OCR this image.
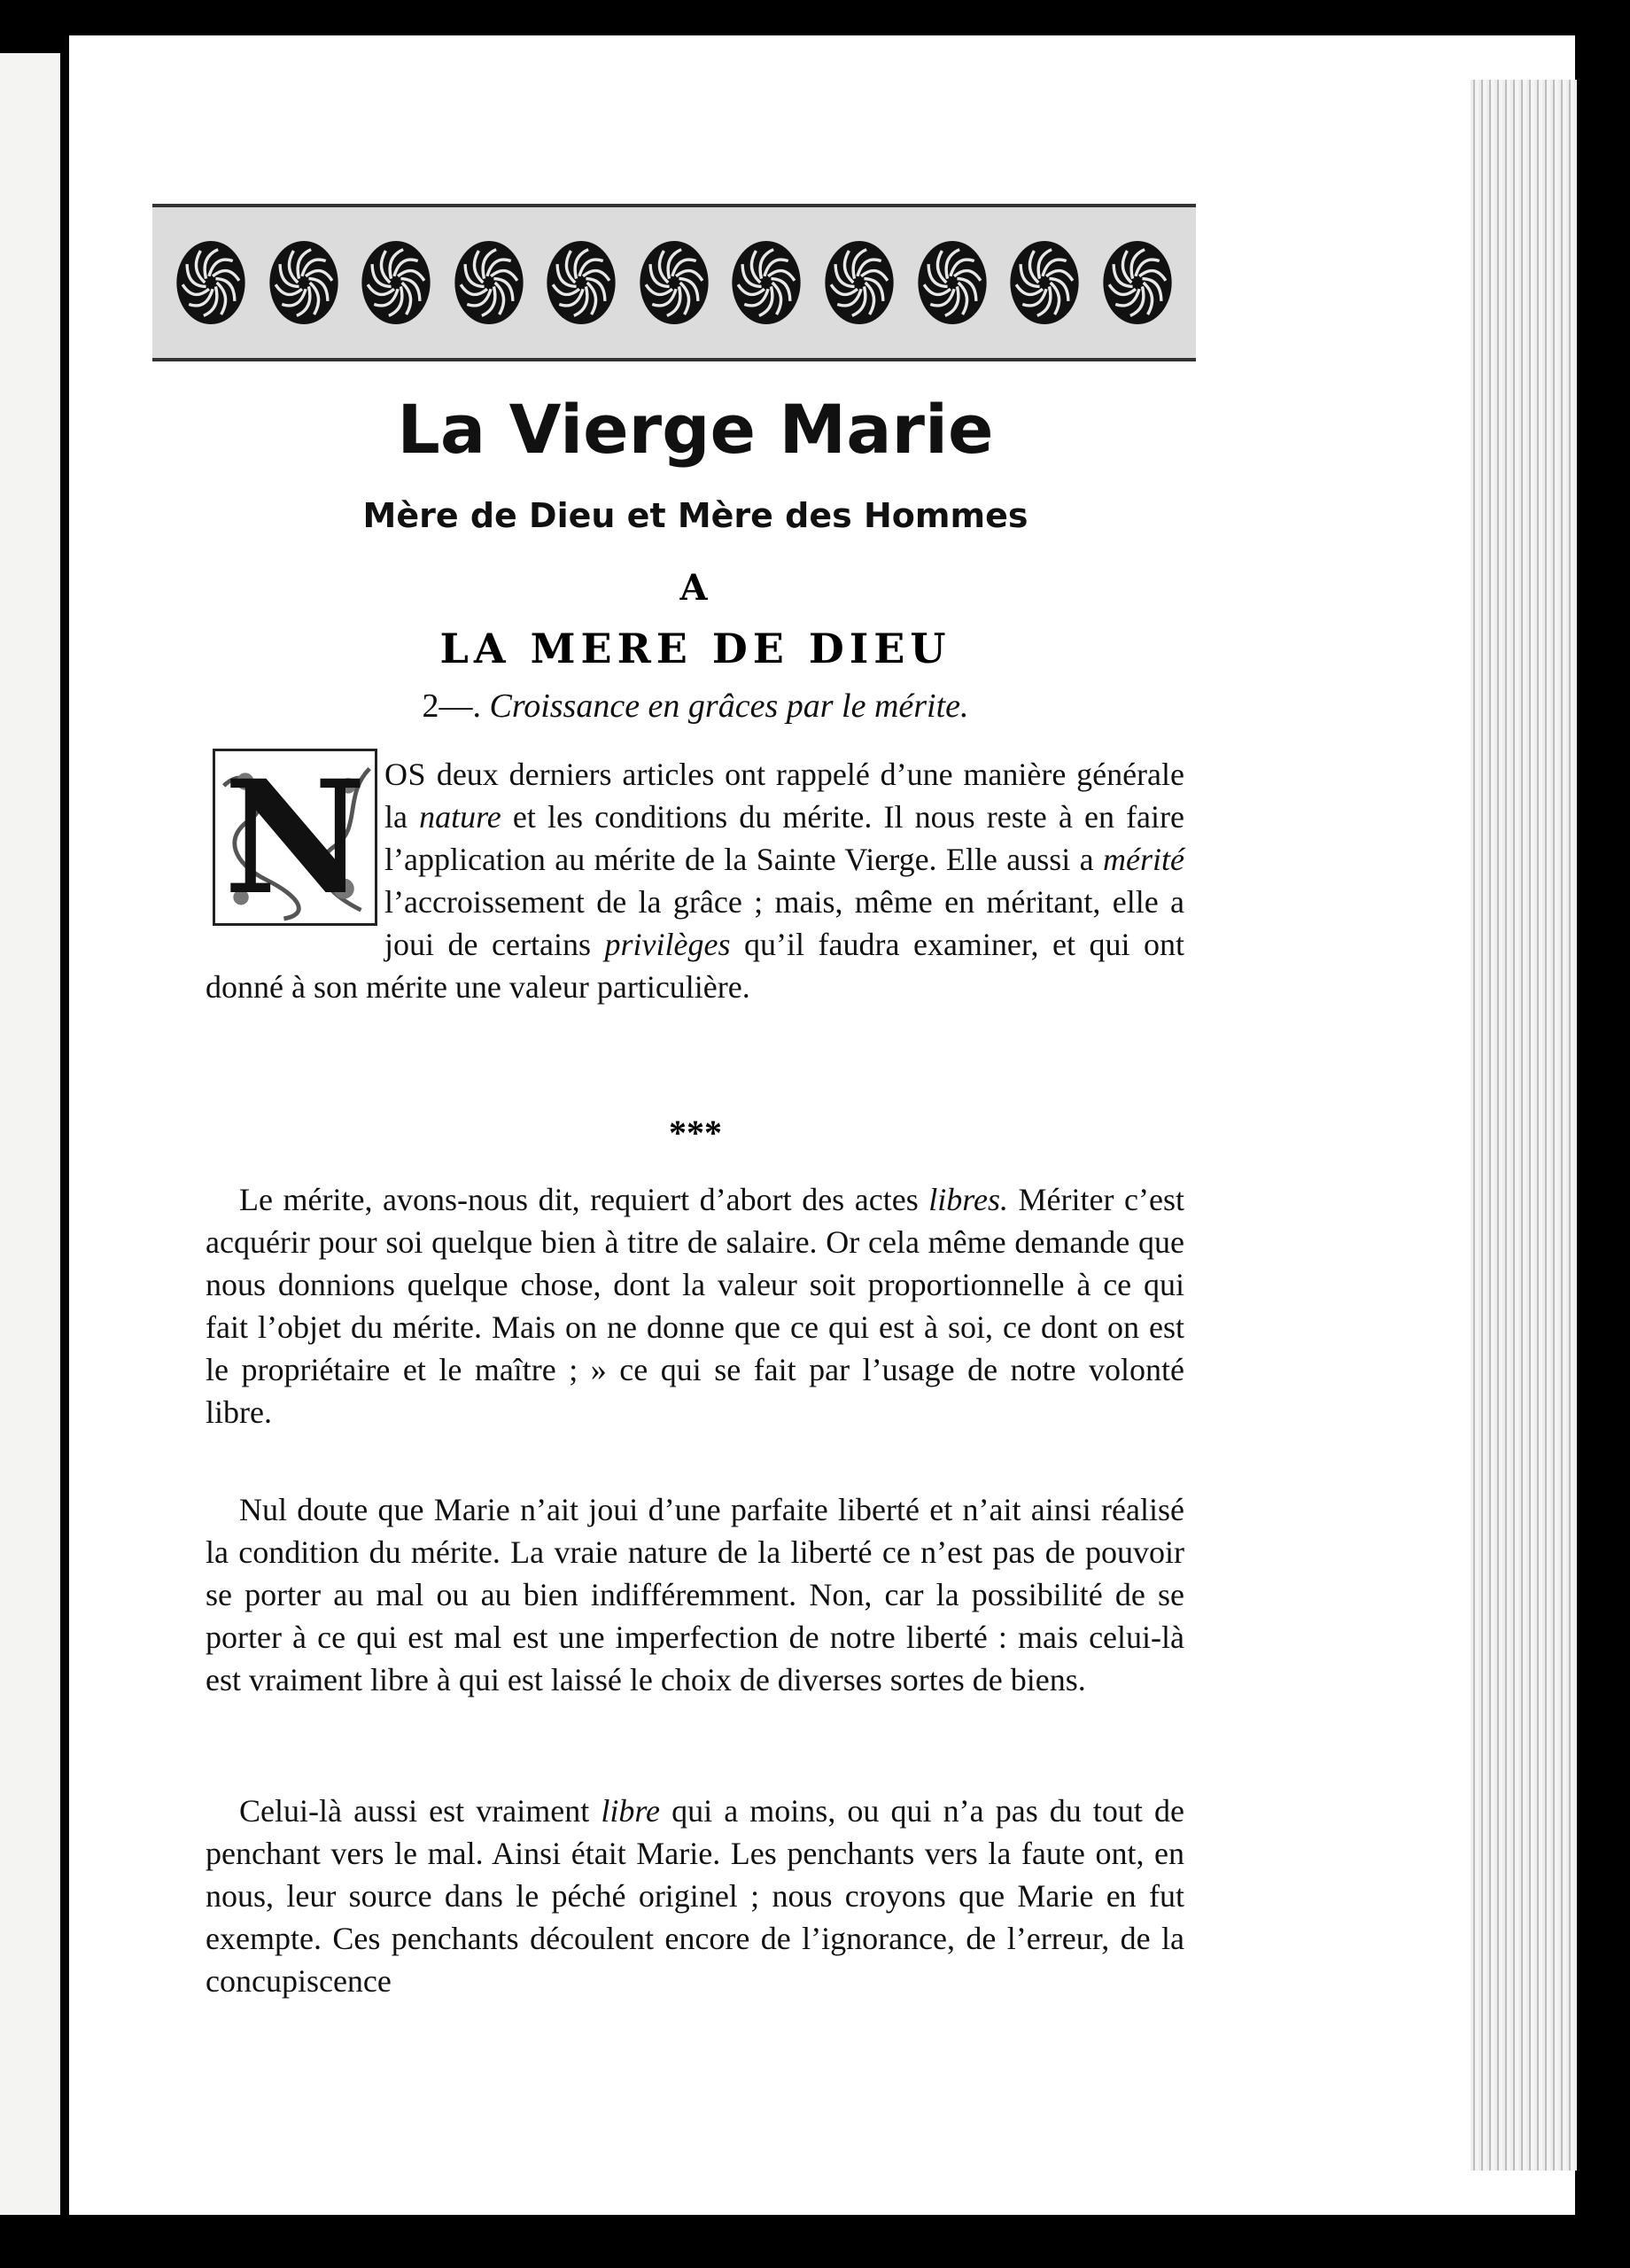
La Vierge Marie
Mère de Dieu et Mère des Hommes
A
LA MERE DE DIEU
2—. Croissance en grâces par le mérite.
N OS deux derniers articles ont rappelé d’une manière générale la nature et les conditions du mérite. Il nous reste à en faire l’application au mérite de la Sainte Vierge. Elle aussi a mérité l’accroissement de la grâce ; mais, même en méritant, elle a joui de certains privilèges qu’il faudra examiner, et qui ont donné à son mérite une valeur particulière.

***

Le mérite, avons-nous dit, requiert d’abort des actes libres. Mériter c’est acquérir pour soi quelque bien à titre de salaire. Or cela même demande que nous donnions quelque chose, dont la valeur soit proportionnelle à ce qui fait l’objet du mérite. Mais on ne donne que ce qui est à soi, ce dont on est le propriétaire et le maître ; » ce qui se fait par l’usage de notre volonté libre.

Nul doute que Marie n’ait joui d’une parfaite liberté et n’ait ainsi réalisé la condition du mérite. La vraie nature de la liberté ce n’est pas de pouvoir se porter au mal ou au bien indifféremment. Non, car la possibilité de se porter à ce qui est mal est une imperfection de notre liberté : mais celui-là est vraiment libre à qui est laissé le choix de diverses sortes de biens.

Celui-là aussi est vraiment libre qui a moins, ou qui n’a pas du tout de penchant vers le mal. Ainsi était Marie. Les penchants vers la faute ont, en nous, leur source dans le péché originel ; nous croyons que Marie en fut exempte. Ces penchants découlent encore de l’ignorance, de l’erreur, de la concupiscence
